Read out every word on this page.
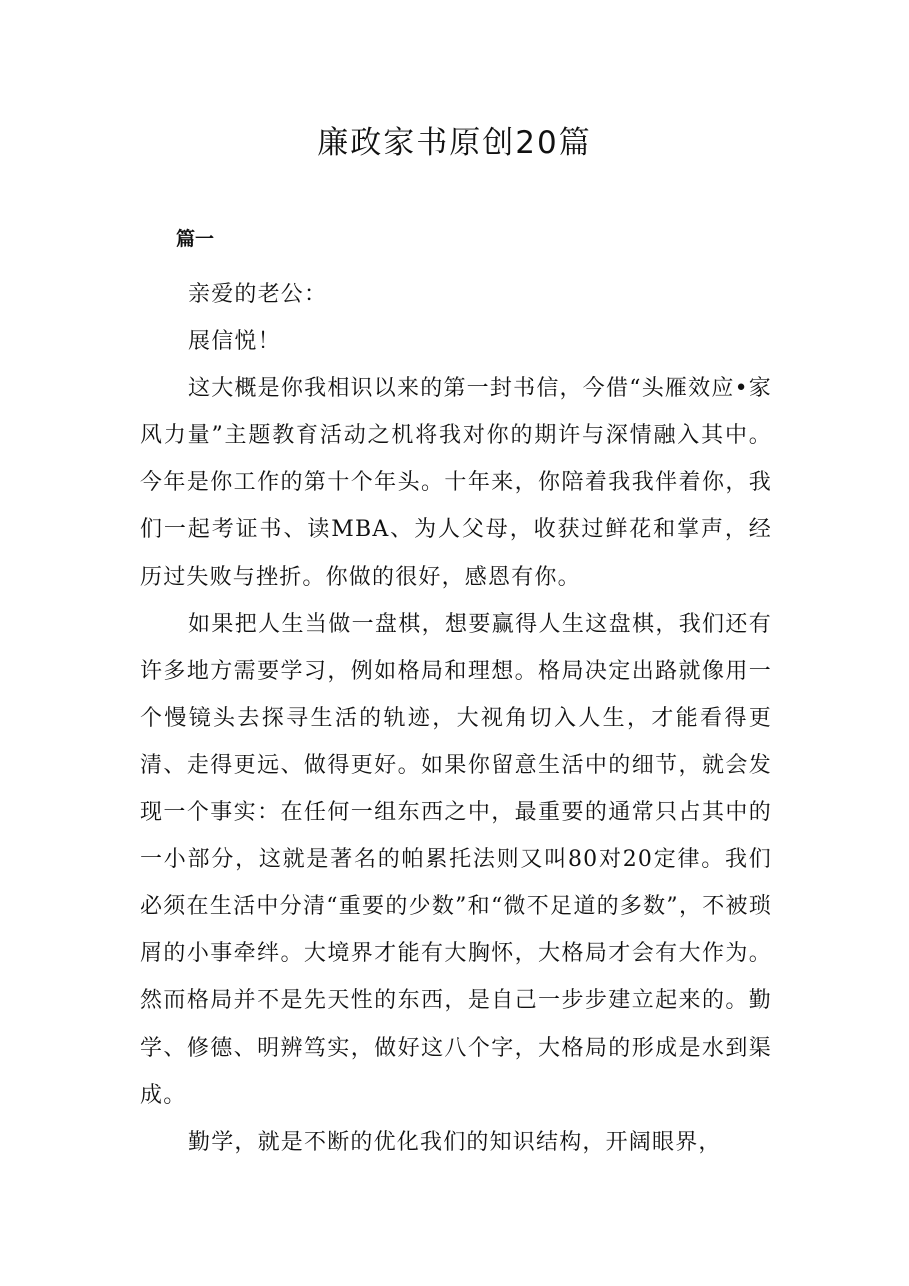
廉政家书原创20篇
篇一

亲爱的老公：

展信悦！

这大概是你我相识以来的第一封书信，今借“头雁效应•家风力量”主题教育活动之机将我对你的期许与深情融入其中。今年是你工作的第十个年头。十年来，你陪着我我伴着你，我们一起考证书、读MBA、为人父母，收获过鲜花和掌声，经历过失败与挫折。你做的很好，感恩有你。

如果把人生当做一盘棋，想要赢得人生这盘棋，我们还有许多地方需要学习，例如格局和理想。格局决定出路就像用一个慢镜头去探寻生活的轨迹，大视角切入人生，才能看得更清、走得更远、做得更好。如果你留意生活中的细节，就会发现一个事实：在任何一组东西之中，最重要的通常只占其中的一小部分，这就是著名的帕累托法则又叫80对20定律。我们必须在生活中分清“重要的少数”和“微不足道的多数”，不被琐屑的小事牵绊。大境界才能有大胸怀，大格局才会有大作为。然而格局并不是先天性的东西，是自己一步步建立起来的。勤学、修德、明辨笃实，做好这八个字，大格局的形成是水到渠成。

勤学，就是不断的优化我们的知识结构，开阔眼界，
